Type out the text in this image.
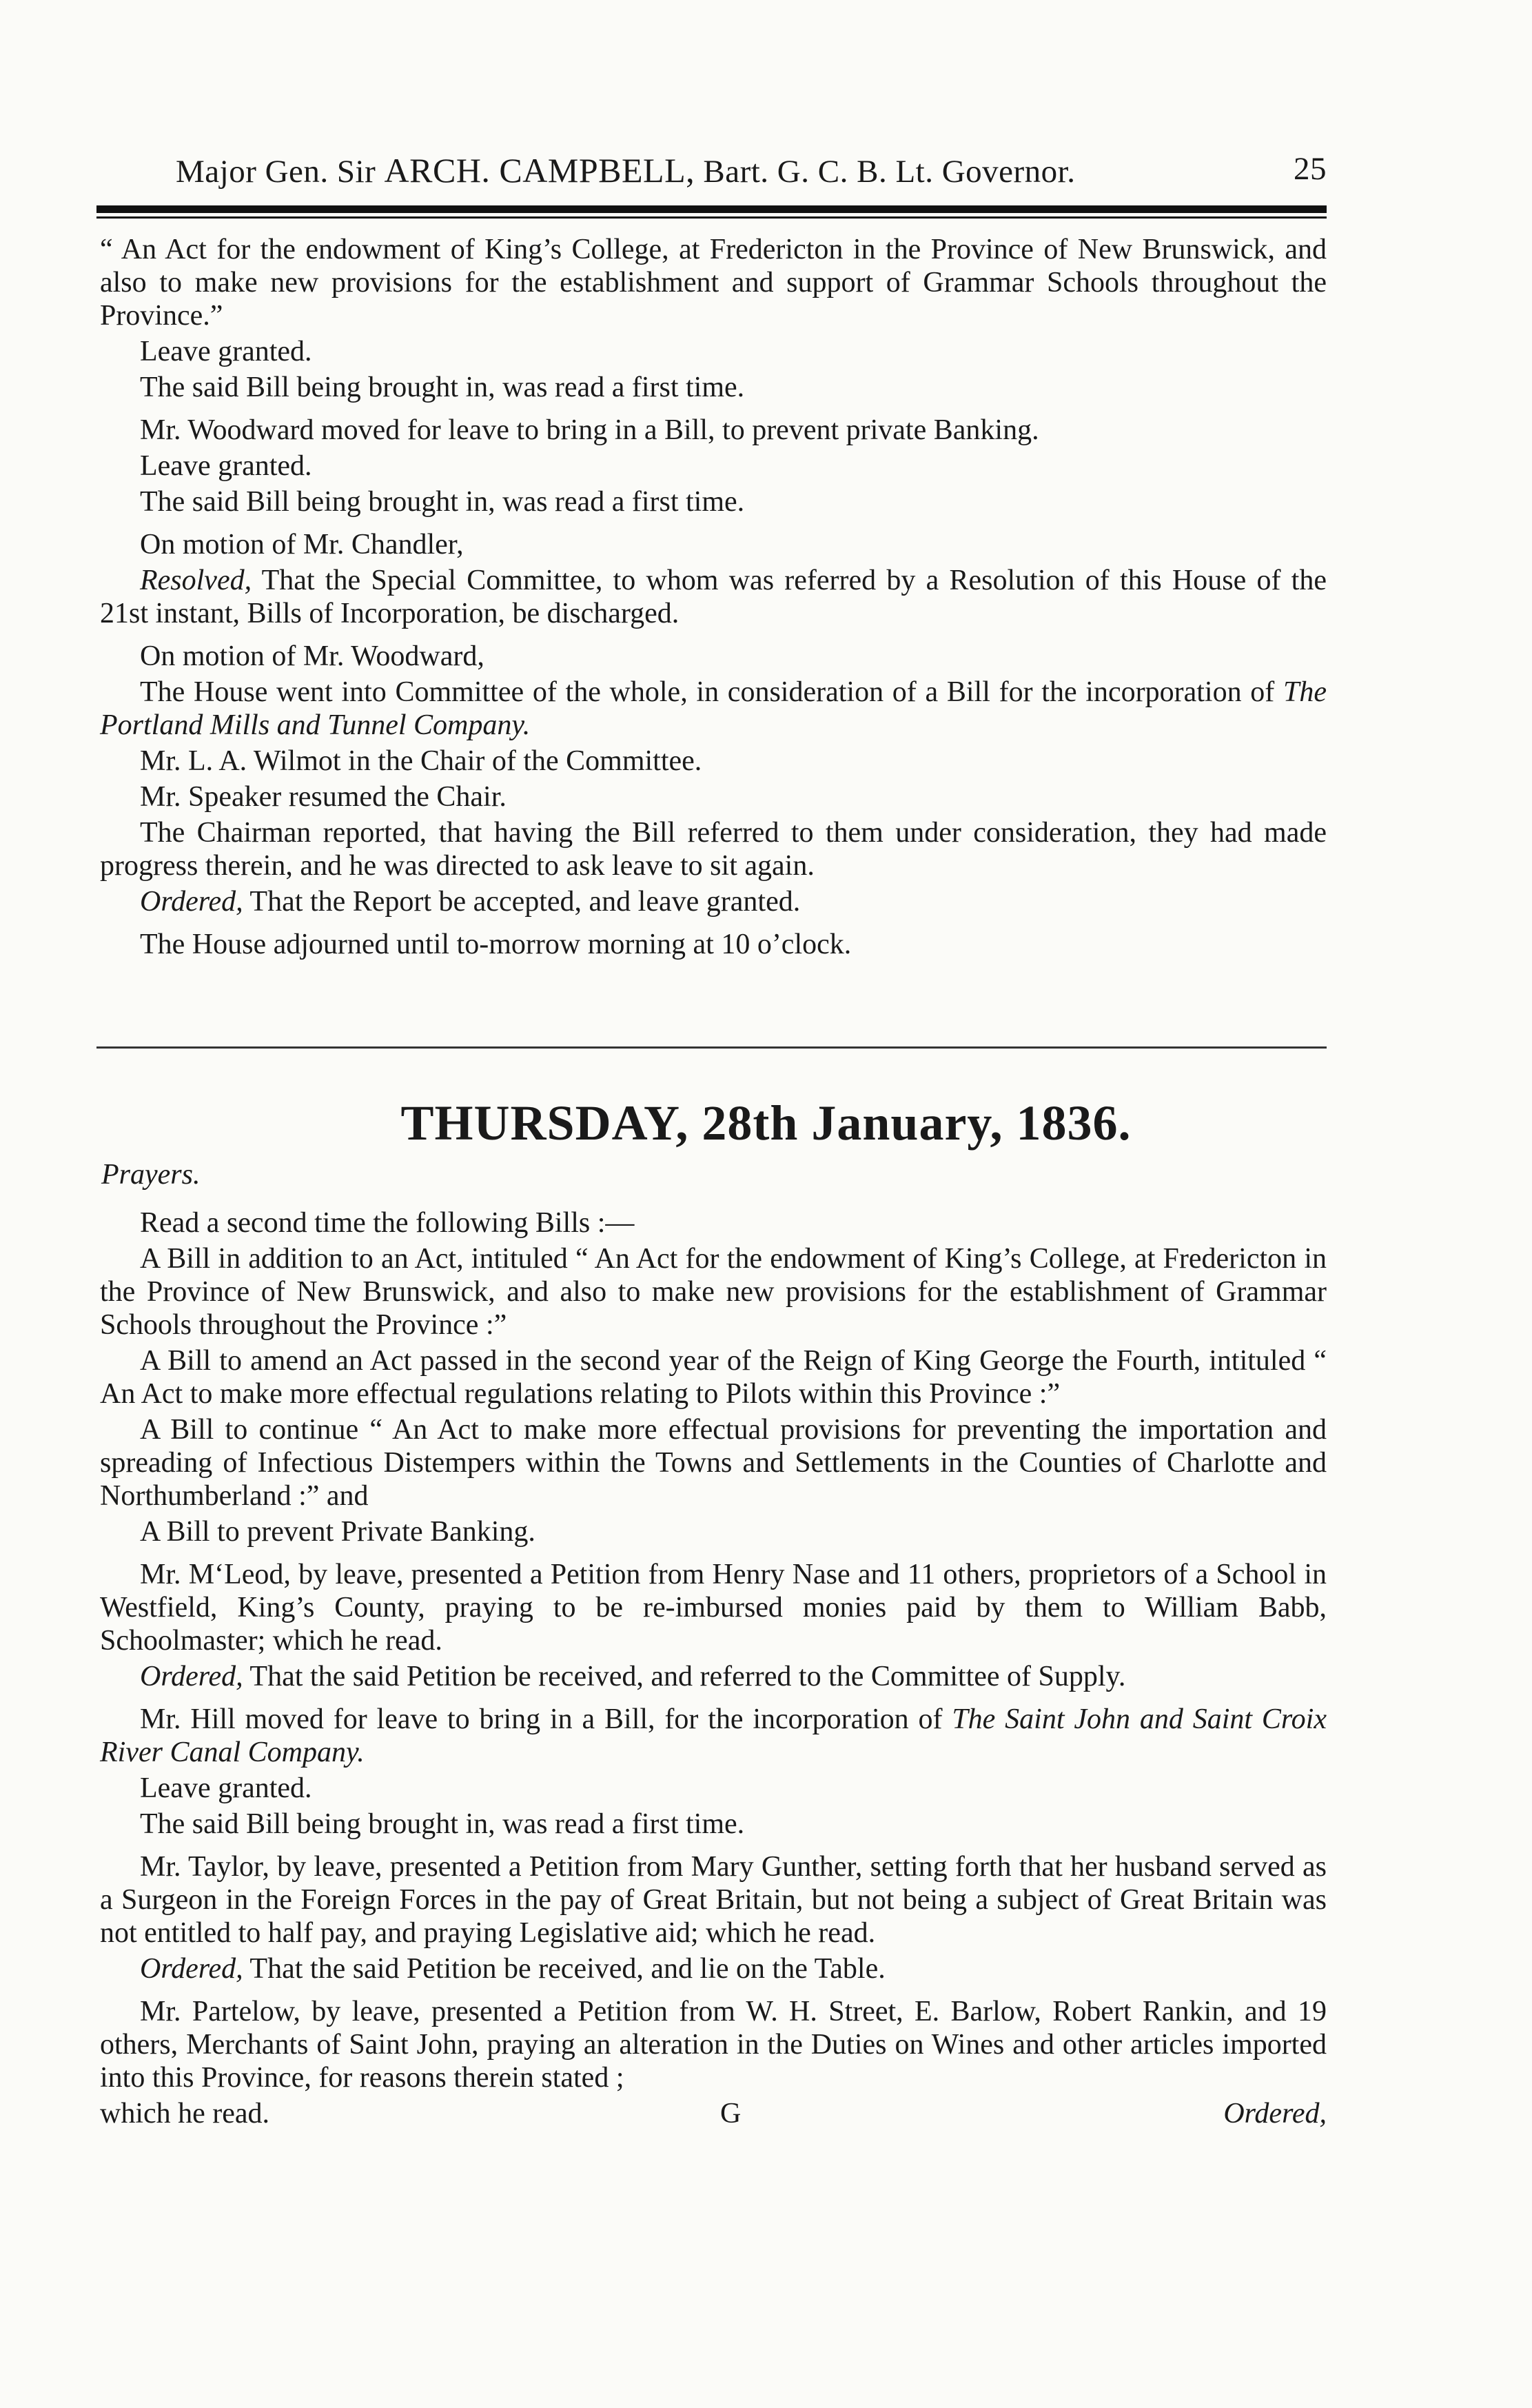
Major Gen. Sir ARCH. CAMPBELL, Bart. G. C. B. Lt. Governor.	25

“ An Act for the endowment of King’s College, at Fredericton in the Province of New Brunswick, and also to make new provisions for the establishment and support of Grammar Schools throughout the Province.”

Leave granted.

The said Bill being brought in, was read a first time.

Mr. Woodward moved for leave to bring in a Bill, to prevent private Banking.

Leave granted.

The said Bill being brought in, was read a first time.

On motion of Mr. Chandler,

Resolved, That the Special Committee, to whom was referred by a Resolution of this House of the 21st instant, Bills of Incorporation, be discharged.

On motion of Mr. Woodward,

The House went into Committee of the whole, in consideration of a Bill for the incorporation of The Portland Mills and Tunnel Company.

Mr. L. A. Wilmot in the Chair of the Committee.

Mr. Speaker resumed the Chair.

The Chairman reported, that having the Bill referred to them under consideration, they had made progress therein, and he was directed to ask leave to sit again.

Ordered, That the Report be accepted, and leave granted.

The House adjourned until to-morrow morning at 10 o’clock.

THURSDAY, 28th January, 1836.
Prayers.

Read a second time the following Bills :—

A Bill in addition to an Act, intituled “ An Act for the endowment of King’s College, at Fredericton in the Province of New Brunswick, and also to make new provisions for the establishment of Grammar Schools throughout the Province :”

A Bill to amend an Act passed in the second year of the Reign of King George the Fourth, intituled “ An Act to make more effectual regulations relating to Pilots within this Province :”

A Bill to continue “ An Act to make more effectual provisions for preventing the importation and spreading of Infectious Distempers within the Towns and Settlements in the Counties of Charlotte and Northumberland :” and

A Bill to prevent Private Banking.

Mr. M‘Leod, by leave, presented a Petition from Henry Nase and 11 others, proprietors of a School in Westfield, King’s County, praying to be re-imbursed monies paid by them to William Babb, Schoolmaster; which he read.

Ordered, That the said Petition be received, and referred to the Committee of Supply.

Mr. Hill moved for leave to bring in a Bill, for the incorporation of The Saint John and Saint Croix River Canal Company.

Leave granted.

The said Bill being brought in, was read a first time.

Mr. Taylor, by leave, presented a Petition from Mary Gunther, setting forth that her husband served as a Surgeon in the Foreign Forces in the pay of Great Britain, but not being a subject of Great Britain was not entitled to half pay, and praying Legislative aid; which he read.

Ordered, That the said Petition be received, and lie on the Table.

Mr. Partelow, by leave, presented a Petition from W. H. Street, E. Barlow, Robert Rankin, and 19 others, Merchants of Saint John, praying an alteration in the Duties on Wines and other articles imported into this Province, for reasons therein stated ;

which he read.	G	Ordered,
